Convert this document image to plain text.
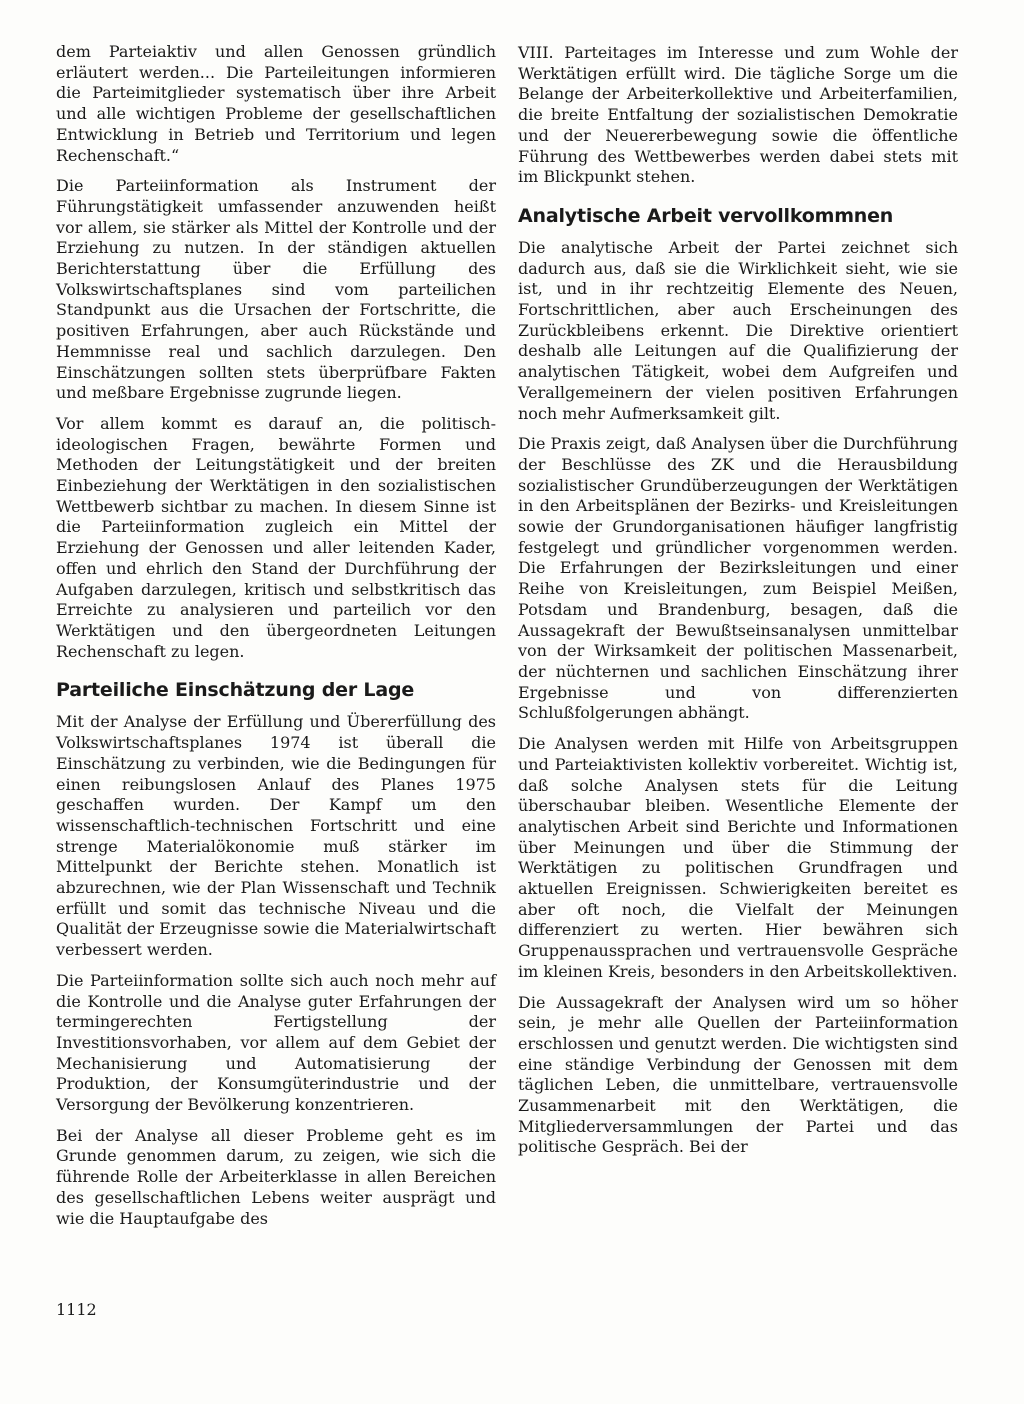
dem Parteiaktiv und allen Genossen gründlich erläutert werden... Die Parteileitungen informieren die Parteimitglieder systematisch über ihre Arbeit und alle wichtigen Probleme der gesellschaftlichen Entwicklung in Betrieb und Territorium und legen Rechenschaft.“

Die Parteiinformation als Instrument der Führungstätigkeit umfassender anzuwenden heißt vor allem, sie stärker als Mittel der Kontrolle und der Erziehung zu nutzen. In der ständigen aktuellen Berichterstattung über die Erfüllung des Volkswirtschaftsplanes sind vom parteilichen Standpunkt aus die Ursachen der Fortschritte, die positiven Erfahrungen, aber auch Rückstände und Hemmnisse real und sachlich darzulegen. Den Einschätzungen sollten stets überprüfbare Fakten und meßbare Ergebnisse zugrunde liegen.

Vor allem kommt es darauf an, die politisch-ideologischen Fragen, bewährte Formen und Methoden der Leitungstätigkeit und der breiten Einbeziehung der Werktätigen in den sozialistischen Wettbewerb sichtbar zu machen. In diesem Sinne ist die Parteiinformation zugleich ein Mittel der Erziehung der Genossen und aller leitenden Kader, offen und ehrlich den Stand der Durchführung der Aufgaben darzulegen, kritisch und selbstkritisch das Erreichte zu analysieren und parteilich vor den Werktätigen und den übergeordneten Leitungen Rechenschaft zu legen.

Parteiliche Einschätzung der Lage

Mit der Analyse der Erfüllung und Übererfüllung des Volkswirtschaftsplanes 1974 ist überall die Einschätzung zu verbinden, wie die Bedingungen für einen reibungslosen Anlauf des Planes 1975 geschaffen wurden. Der Kampf um den wissenschaftlich-technischen Fortschritt und eine strenge Materialökonomie muß stärker im Mittelpunkt der Berichte stehen. Monatlich ist abzurechnen, wie der Plan Wissenschaft und Technik erfüllt und somit das technische Niveau und die Qualität der Erzeugnisse sowie die Materialwirtschaft verbessert werden.

Die Parteiinformation sollte sich auch noch mehr auf die Kontrolle und die Analyse guter Erfahrungen der termingerechten Fertigstellung der Investitionsvorhaben, vor allem auf dem Gebiet der Mechanisierung und Automatisierung der Produktion, der Konsumgüterindustrie und der Versorgung der Bevölkerung konzentrieren.

Bei der Analyse all dieser Probleme geht es im Grunde genommen darum, zu zeigen, wie sich die führende Rolle der Arbeiterklasse in allen Bereichen des gesellschaftlichen Lebens weiter ausprägt und wie die Hauptaufgabe des

VIII. Parteitages im Interesse und zum Wohle der Werktätigen erfüllt wird. Die tägliche Sorge um die Belange der Arbeiterkollektive und Arbeiterfamilien, die breite Entfaltung der sozialistischen Demokratie und der Neuererbewegung sowie die öffentliche Führung des Wettbewerbes werden dabei stets mit im Blickpunkt stehen.

Analytische Arbeit vervollkommnen

Die analytische Arbeit der Partei zeichnet sich dadurch aus, daß sie die Wirklichkeit sieht, wie sie ist, und in ihr rechtzeitig Elemente des Neuen, Fortschrittlichen, aber auch Erscheinungen des Zurückbleibens erkennt. Die Direktive orientiert deshalb alle Leitungen auf die Qualifizierung der analytischen Tätigkeit, wobei dem Aufgreifen und Verallgemeinern der vielen positiven Erfahrungen noch mehr Aufmerksamkeit gilt.

Die Praxis zeigt, daß Analysen über die Durchführung der Beschlüsse des ZK und die Herausbildung sozialistischer Grundüberzeugungen der Werktätigen in den Arbeitsplänen der Bezirks- und Kreisleitungen sowie der Grundorganisationen häufiger langfristig festgelegt und gründlicher vorgenommen werden. Die Erfahrungen der Bezirksleitungen und einer Reihe von Kreisleitungen, zum Beispiel Meißen, Potsdam und Brandenburg, besagen, daß die Aussagekraft der Bewußtseinsanalysen unmittelbar von der Wirksamkeit der politischen Massenarbeit, der nüchternen und sachlichen Einschätzung ihrer Ergebnisse und von differenzierten Schlußfolgerungen abhängt.

Die Analysen werden mit Hilfe von Arbeitsgruppen und Parteiaktivisten kollektiv vorbereitet. Wichtig ist, daß solche Analysen stets für die Leitung überschaubar bleiben. Wesentliche Elemente der analytischen Arbeit sind Berichte und Informationen über Meinungen und über die Stimmung der Werktätigen zu politischen Grundfragen und aktuellen Ereignissen. Schwierigkeiten bereitet es aber oft noch, die Vielfalt der Meinungen differenziert zu werten. Hier bewähren sich Gruppenaussprachen und vertrauensvolle Gespräche im kleinen Kreis, besonders in den Arbeitskollektiven.

Die Aussagekraft der Analysen wird um so höher sein, je mehr alle Quellen der Parteiinformation erschlossen und genutzt werden. Die wichtigsten sind eine ständige Verbindung der Genossen mit dem täglichen Leben, die unmittelbare, vertrauensvolle Zusammenarbeit mit den Werktätigen, die Mitgliederversammlungen der Partei und das politische Gespräch. Bei der

1112
